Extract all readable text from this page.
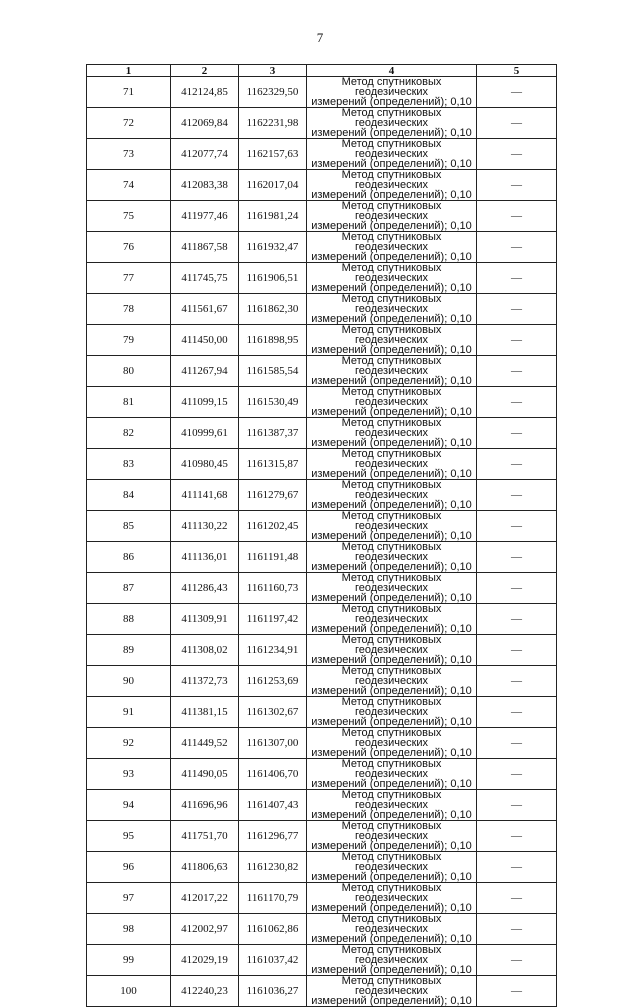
7
1	2	3	4	5
71	412124,85	1162329,50	Метод спутниковых геодезических
измерений (определений); 0,10	—
72	412069,84	1162231,98	Метод спутниковых геодезических
измерений (определений); 0,10	—
73	412077,74	1162157,63	Метод спутниковых геодезических
измерений (определений); 0,10	—
74	412083,38	1162017,04	Метод спутниковых геодезических
измерений (определений); 0,10	—
75	411977,46	1161981,24	Метод спутниковых геодезических
измерений (определений); 0,10	—
76	411867,58	1161932,47	Метод спутниковых геодезических
измерений (определений); 0,10	—
77	411745,75	1161906,51	Метод спутниковых геодезических
измерений (определений); 0,10	—
78	411561,67	1161862,30	Метод спутниковых геодезических
измерений (определений); 0,10	—
79	411450,00	1161898,95	Метод спутниковых геодезических
измерений (определений); 0,10	—
80	411267,94	1161585,54	Метод спутниковых геодезических
измерений (определений); 0,10	—
81	411099,15	1161530,49	Метод спутниковых геодезических
измерений (определений); 0,10	—
82	410999,61	1161387,37	Метод спутниковых геодезических
измерений (определений); 0,10	—
83	410980,45	1161315,87	Метод спутниковых геодезических
измерений (определений); 0,10	—
84	411141,68	1161279,67	Метод спутниковых геодезических
измерений (определений); 0,10	—
85	411130,22	1161202,45	Метод спутниковых геодезических
измерений (определений); 0,10	—
86	411136,01	1161191,48	Метод спутниковых геодезических
измерений (определений); 0,10	—
87	411286,43	1161160,73	Метод спутниковых геодезических
измерений (определений); 0,10	—
88	411309,91	1161197,42	Метод спутниковых геодезических
измерений (определений); 0,10	—
89	411308,02	1161234,91	Метод спутниковых геодезических
измерений (определений); 0,10	—
90	411372,73	1161253,69	Метод спутниковых геодезических
измерений (определений); 0,10	—
91	411381,15	1161302,67	Метод спутниковых геодезических
измерений (определений); 0,10	—
92	411449,52	1161307,00	Метод спутниковых геодезических
измерений (определений); 0,10	—
93	411490,05	1161406,70	Метод спутниковых геодезических
измерений (определений); 0,10	—
94	411696,96	1161407,43	Метод спутниковых геодезических
измерений (определений); 0,10	—
95	411751,70	1161296,77	Метод спутниковых геодезических
измерений (определений); 0,10	—
96	411806,63	1161230,82	Метод спутниковых геодезических
измерений (определений); 0,10	—
97	412017,22	1161170,79	Метод спутниковых геодезических
измерений (определений); 0,10	—
98	412002,97	1161062,86	Метод спутниковых геодезических
измерений (определений); 0,10	—
99	412029,19	1161037,42	Метод спутниковых геодезических
измерений (определений); 0,10	—
100	412240,23	1161036,27	Метод спутниковых геодезических
измерений (определений); 0,10	—
